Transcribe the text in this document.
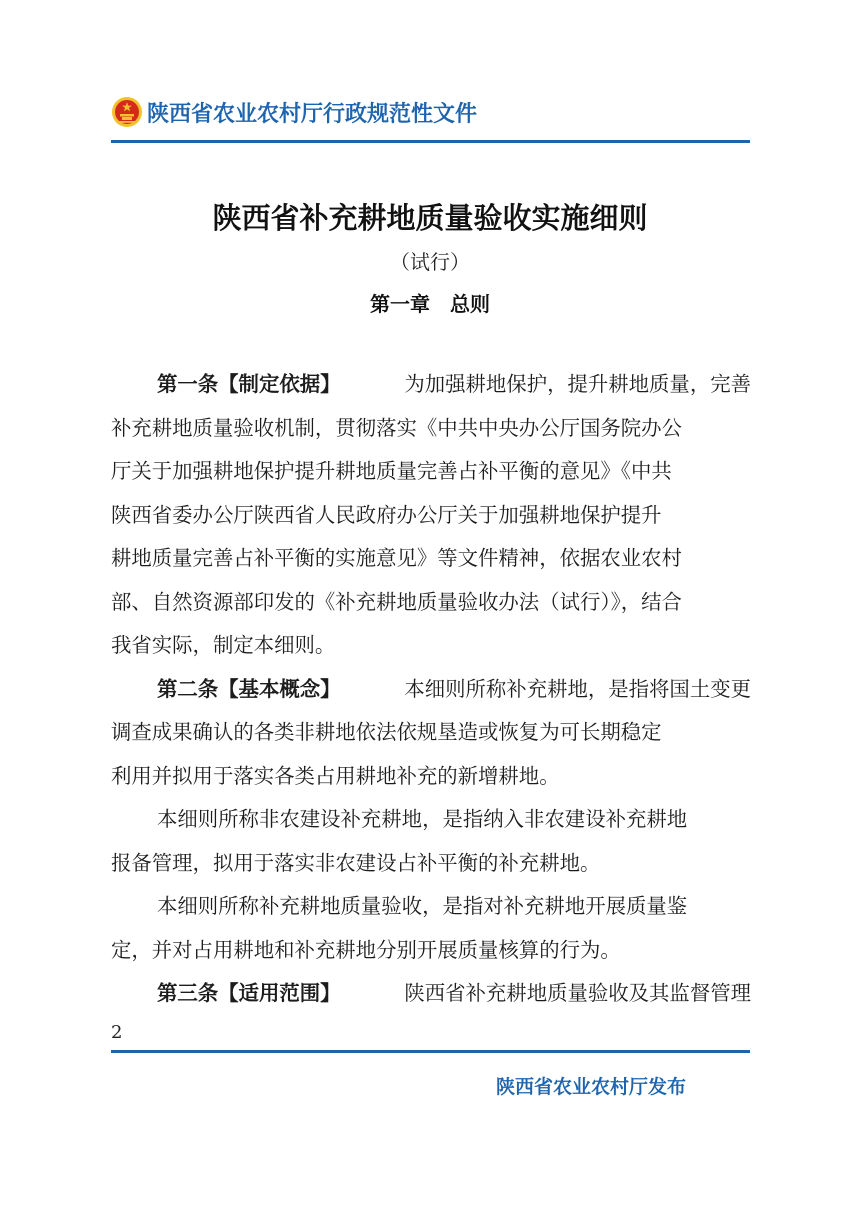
陕西省农业农村厅行政规范性文件
陕西省补充耕地质量验收实施细则
（试行）
第一章　总则
第一条【制定依据】	为加强耕地保护，提升耕地质量，完善
补充耕地质量验收机制，贯彻落实《中共中央办公厅国务院办公
厅关于加强耕地保护提升耕地质量完善占补平衡的意见》《中共
陕西省委办公厅陕西省人民政府办公厅关于加强耕地保护提升
耕地质量完善占补平衡的实施意见》等文件精神，依据农业农村
部、自然资源部印发的《补充耕地质量验收办法（试行）》，结合
我省实际，制定本细则。
第二条【基本概念】	本细则所称补充耕地，是指将国土变更
调查成果确认的各类非耕地依法依规垦造或恢复为可长期稳定
利用并拟用于落实各类占用耕地补充的新增耕地。
本细则所称非农建设补充耕地，是指纳入非农建设补充耕地
报备管理，拟用于落实非农建设占补平衡的补充耕地。
本细则所称补充耕地质量验收，是指对补充耕地开展质量鉴
定，并对占用耕地和补充耕地分别开展质量核算的行为。
第三条【适用范围】	陕西省补充耕地质量验收及其监督管理
2
陕西省农业农村厅发布
